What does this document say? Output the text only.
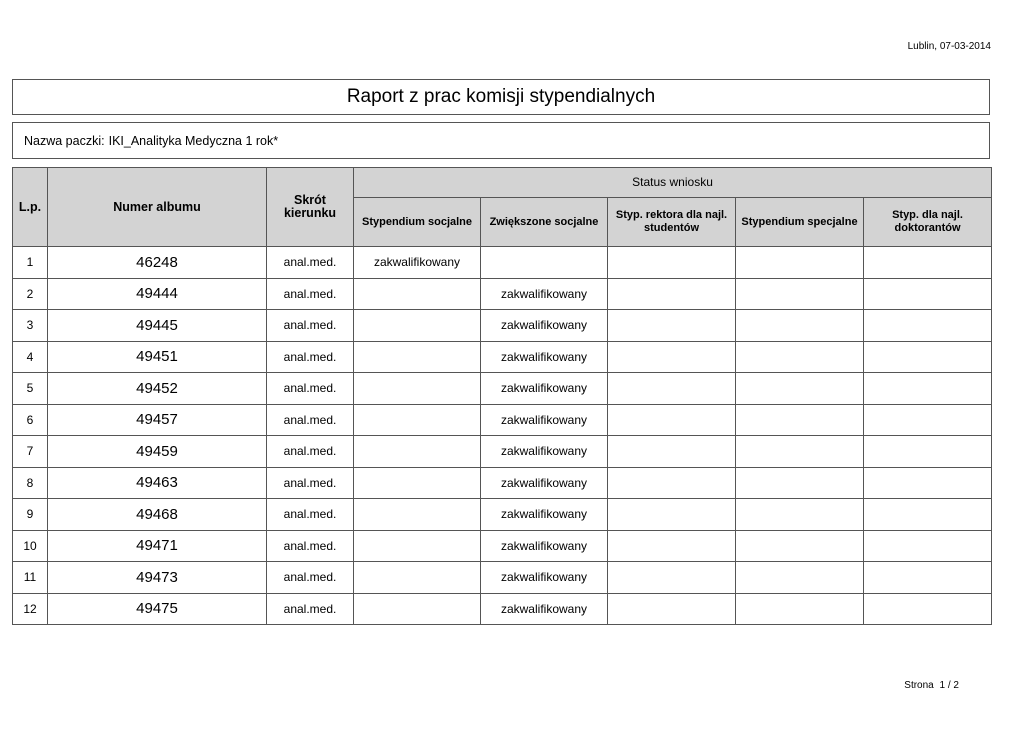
Lublin, 07-03-2014
Raport z prac komisji stypendialnych
Nazwa paczki: IKI_Analityka Medyczna 1 rok*
L.p.	Numer albumu	Skrót kierunku	Status wniosku				
			Stypendium socjalne	Zwiększone socjalne	Styp. rektora dla najl. studentów	Stypendium specjalne	Styp. dla najl. doktorantów
1	46248	anal.med.	zakwalifikowany				
2	49444	anal.med.		zakwalifikowany			
3	49445	anal.med.		zakwalifikowany			
4	49451	anal.med.		zakwalifikowany			
5	49452	anal.med.		zakwalifikowany			
6	49457	anal.med.		zakwalifikowany			
7	49459	anal.med.		zakwalifikowany			
8	49463	anal.med.		zakwalifikowany			
9	49468	anal.med.		zakwalifikowany			
10	49471	anal.med.		zakwalifikowany			
11	49473	anal.med.		zakwalifikowany			
12	49475	anal.med.		zakwalifikowany			
Strona 1 / 2
